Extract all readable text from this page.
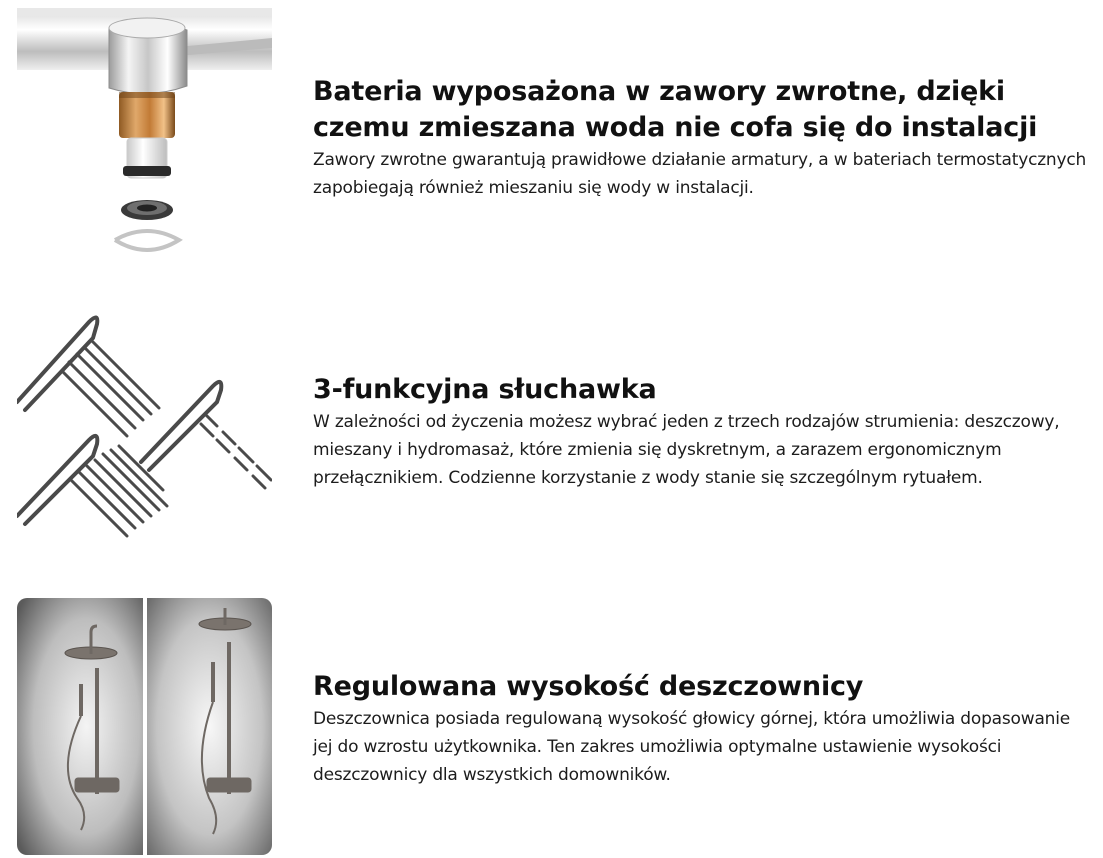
Bateria wyposażona w zawory zwrotne, dzięki czemu zmieszana woda nie cofa się do instalacji

Zawory zwrotne gwarantują prawidłowe działanie armatury, a w bateriach termostatycznych zapobiegają również mieszaniu się wody w instalacji.

3-funkcyjna słuchawka

W zależności od życzenia możesz wybrać jeden z trzech rodzajów strumienia: deszczowy, mieszany i hydromasaż, które zmienia się dyskretnym, a zarazem ergonomicznym przełącznikiem. Codzienne korzystanie z wody stanie się szczególnym rytuałem.

Regulowana wysokość deszczownicy

Deszczownica posiada regulowaną wysokość głowicy górnej, która umożliwia dopasowanie jej do wzrostu użytkownika. Ten zakres umożliwia optymalne ustawienie wysokości deszczownicy dla wszystkich domowników.
